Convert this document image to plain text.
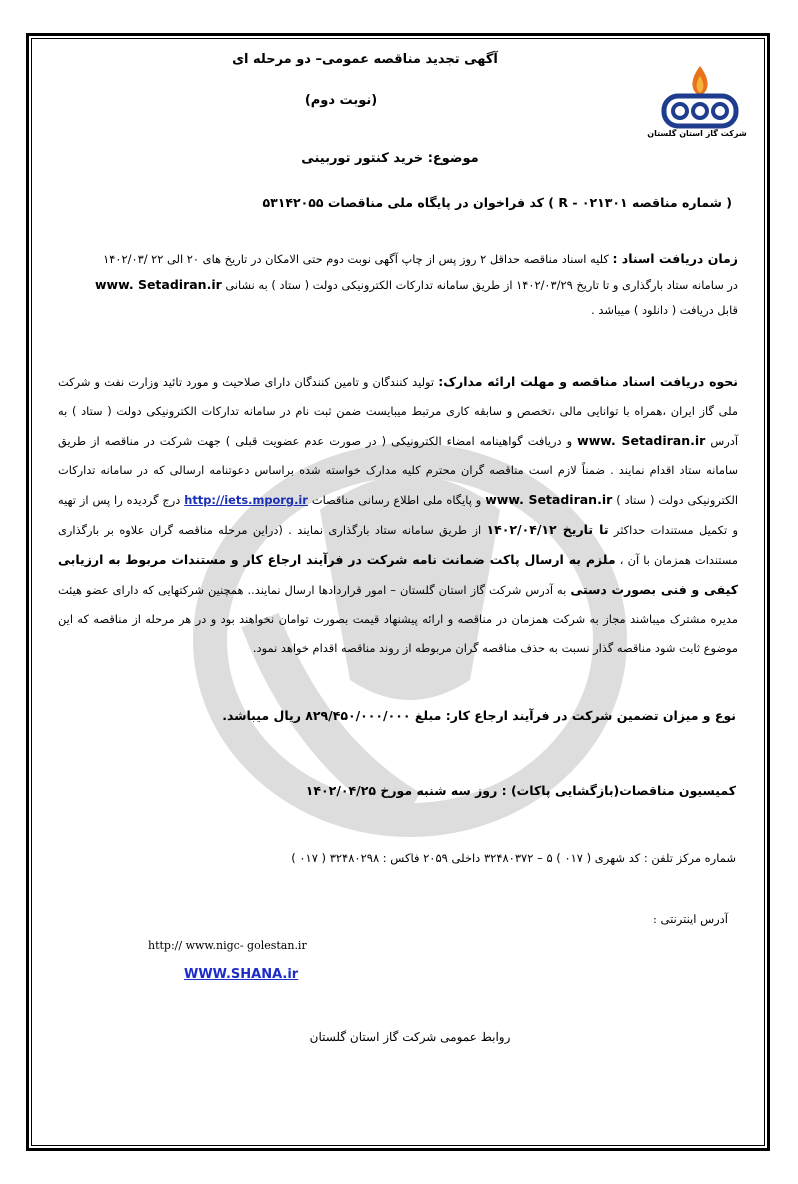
شرکت گاز استان گلستان
آگهی تجدید مناقصه عمومی– دو مرحله ای
(نوبت دوم)
موضوع: خرید کنتور توربینی
( شماره مناقصه R - ۰۲۱۳۰۱ ) کد فراخوان در پایگاه ملی مناقصات ۵۳۱۴۲۰۵۵
زمان دریافت اسناد : کلیه اسناد مناقصه حداقل ۲ روز پس از چاپ آگهی نوبت دوم حتی الامکان در تاریخ های ۲۰ الی ۲۲ /۱۴۰۲/۰۳
در سامانه ستاد بارگذاری و تا تاریخ ۱۴۰۲/۰۳/۲۹ از طریق سامانه تدارکات الکترونیکی دولت ( ستاد ) به نشانی www. Setadiran.ir
قابل دریافت ( دانلود ) میباشد .
نحوه دریافت اسناد مناقصه و مهلت ارائه مدارک: تولید کنندگان و تامین کنندگان دارای صلاحیت و مورد تائید وزارت نفت و شرکت ملی گاز ایران ،همراه با توانایی مالی ،تخصص و سابقه کاری مرتبط میبایست ضمن ثبت نام در سامانه تدارکات الکترونیکی دولت ( ستاد ) به آدرس www. Setadiran.ir و دریافت گواهینامه امضاء الکترونیکی ( در صورت عدم عضویت قبلی ) جهت شرکت در مناقصه از طریق سامانه ستاد اقدام نمایند . ضمناً لازم است مناقصه گران محترم کلیه مدارک خواسته شده براساس دعوتنامه ارسالی که در سامانه تدارکات الکترونیکی دولت ( ستاد ) www. Setadiran.ir و پایگاه ملی اطلاع رسانی مناقصات http://iets.mporg.ir درج گردیده را پس از تهیه و تکمیل مستندات حداکثر تا تاریخ ۱۴۰۲/۰۴/۱۲ از طریق سامانه ستاد بارگذاری نمایند . (دراین مرحله مناقصه گران علاوه بر بارگذاری مستندات همزمان با آن ، ملزم به ارسال پاکت ضمانت نامه شرکت در فرآیند ارجاع کار و مستندات مربوط به ارزیابی کیفی و فنی بصورت دستی به آدرس شرکت گاز استان گلستان – امور قراردادها ارسال نمایند.. همچنین شرکتهایی که دارای عضو هیئت مدیره مشترک میباشند مجاز به شرکت همزمان در مناقصه و ارائه پیشنهاد قیمت بصورت توامان نخواهند بود و در هر مرحله از مناقصه که این موضوع ثابت شود مناقصه گذار نسبت به حذف مناقصه گران مربوطه از روند مناقصه اقدام خواهد نمود.
نوع و میزان تضمین شرکت در فرآیند ارجاع کار: مبلغ ۸۲۹/۴۵۰/۰۰۰/۰۰۰ ریال میباشد.
کمیسیون مناقصات(بازگشایی پاکات) : روز سه شنبه مورخ ۱۴۰۲/۰۴/۲۵
شماره مرکز تلفن : کد شهری ( ۰۱۷ ) ۵ – ۳۲۴۸۰۳۷۲ داخلی ۲۰۵۹ فاکس : ۳۲۴۸۰۲۹۸ ( ۰۱۷ )
آدرس اینترنتی :
http:// www.nigc- golestan.ir
WWW.SHANA.ir
روابط عمومی شرکت گاز استان گلستان
